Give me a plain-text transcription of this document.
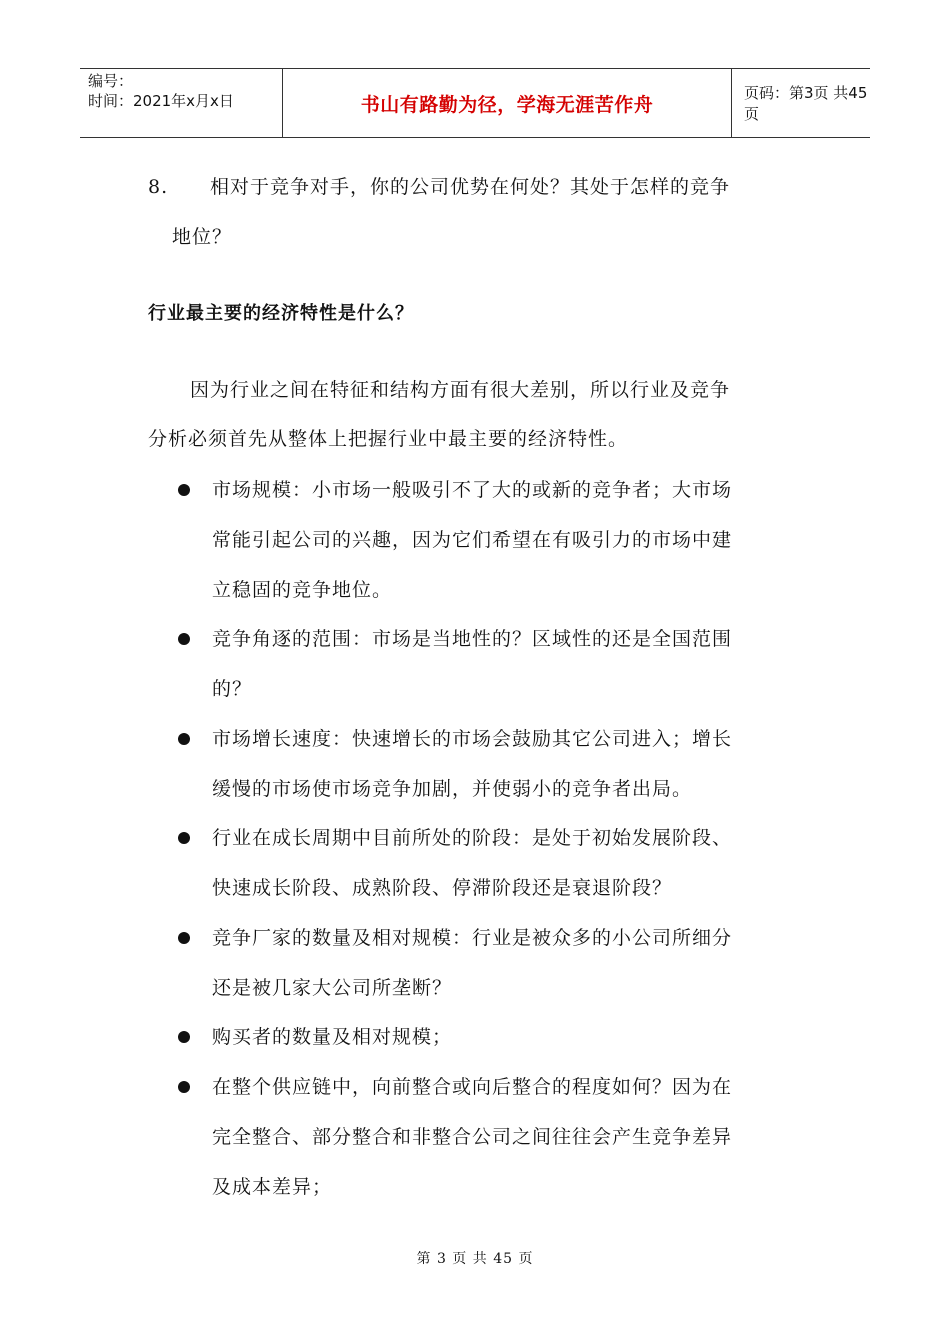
编号：
时间：2021年x月x日	书山有路勤为径，学海无涯苦作舟
页码：第3页 共45页
8. 相对于竞争对手，你的公司优势在何处？其处于怎样的竞争
地位？
行业最主要的经济特性是什么？
因为行业之间在特征和结构方面有很大差别，所以行业及竞争
分析必须首先从整体上把握行业中最主要的经济特性。
市场规模：小市场一般吸引不了大的或新的竞争者；大市场
常能引起公司的兴趣，因为它们希望在有吸引力的市场中建
立稳固的竞争地位。
竞争角逐的范围：市场是当地性的？区域性的还是全国范围
的？
市场增长速度：快速增长的市场会鼓励其它公司进入；增长
缓慢的市场使市场竞争加剧，并使弱小的竞争者出局。
行业在成长周期中目前所处的阶段：是处于初始发展阶段、
快速成长阶段、成熟阶段、停滞阶段还是衰退阶段？
竞争厂家的数量及相对规模：行业是被众多的小公司所细分
还是被几家大公司所垄断？
购买者的数量及相对规模；
在整个供应链中，向前整合或向后整合的程度如何？因为在
完全整合、部分整合和非整合公司之间往往会产生竞争差异
及成本差异；
第 3 页 共 45 页
